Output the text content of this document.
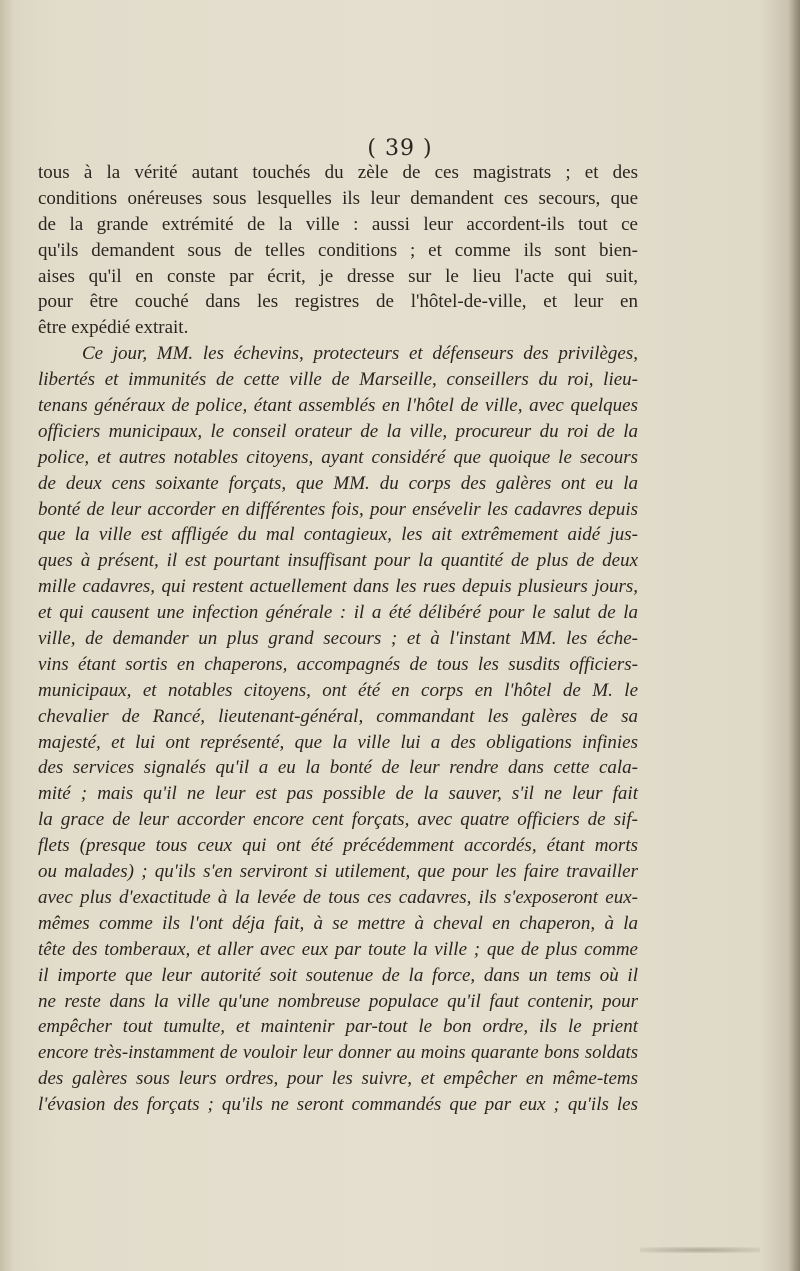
( 39 )
tous à la vérité autant touchés du zèle de ces magistrats ; et des
conditions onéreuses sous lesquelles ils leur demandent ces secours, que
de la grande extrémité de la ville : aussi leur accordent-ils tout ce
qu'ils demandent sous de telles conditions ; et comme ils sont bien-
aises qu'il en conste par écrit, je dresse sur le lieu l'acte qui suit,
pour être couché dans les registres de l'hôtel-de-ville, et leur en
être expédié extrait.
Ce jour, MM. les échevins, protecteurs et défenseurs des privilèges,
libertés et immunités de cette ville de Marseille, conseillers du roi, lieu-
tenans généraux de police, étant assemblés en l'hôtel de ville, avec quelques
officiers municipaux, le conseil orateur de la ville, procureur du roi de la
police, et autres notables citoyens, ayant considéré que quoique le secours
de deux cens soixante forçats, que MM. du corps des galères ont eu la
bonté de leur accorder en différentes fois, pour ensévelir les cadavres depuis
que la ville est affligée du mal contagieux, les ait extrêmement aidé jus-
ques à présent, il est pourtant insuffisant pour la quantité de plus de deux
mille cadavres, qui restent actuellement dans les rues depuis plusieurs jours,
et qui causent une infection générale : il a été délibéré pour le salut de la
ville, de demander un plus grand secours ; et à l'instant MM. les éche-
vins étant sortis en chaperons, accompagnés de tous les susdits officiers-
municipaux, et notables citoyens, ont été en corps en l'hôtel de M. le
chevalier de Rancé, lieutenant-général, commandant les galères de sa
majesté, et lui ont représenté, que la ville lui a des obligations infinies
des services signalés qu'il a eu la bonté de leur rendre dans cette cala-
mité ; mais qu'il ne leur est pas possible de la sauver, s'il ne leur fait
la grace de leur accorder encore cent forçats, avec quatre officiers de sif-
flets (presque tous ceux qui ont été précédemment accordés, étant morts
ou malades) ; qu'ils s'en serviront si utilement, que pour les faire travailler
avec plus d'exactitude à la levée de tous ces cadavres, ils s'exposeront eux-
mêmes comme ils l'ont déja fait, à se mettre à cheval en chaperon, à la
tête des tomberaux, et aller avec eux par toute la ville ; que de plus comme
il importe que leur autorité soit soutenue de la force, dans un tems où il
ne reste dans la ville qu'une nombreuse populace qu'il faut contenir, pour
empêcher tout tumulte, et maintenir par-tout le bon ordre, ils le prient
encore très-instamment de vouloir leur donner au moins quarante bons soldats
des galères sous leurs ordres, pour les suivre, et empêcher en même-tems
l'évasion des forçats ; qu'ils ne seront commandés que par eux ; qu'ils les
